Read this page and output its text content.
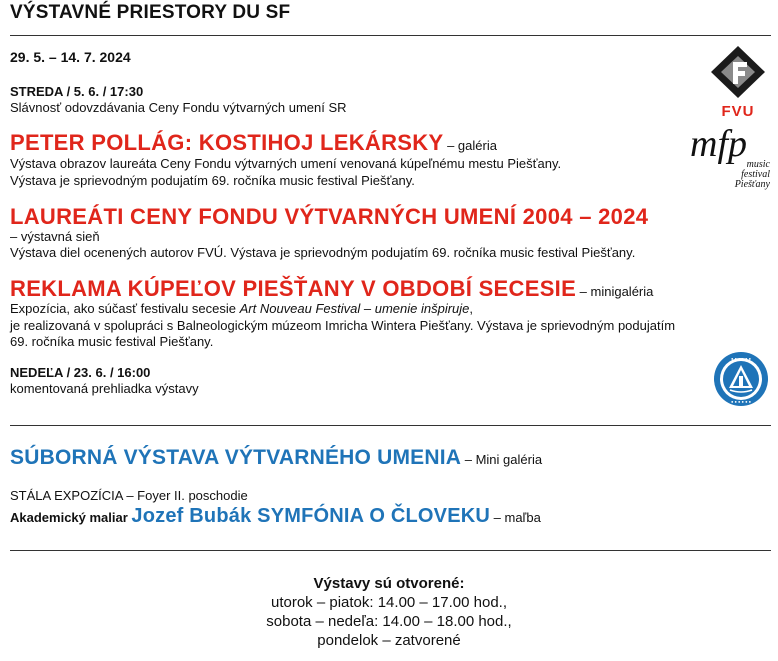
VÝSTAVNÉ PRIESTORY DU SF
29. 5. – 14. 7. 2024
STREDA / 5. 6. / 17:30
Slávnosť odovzdávania Ceny Fondu výtvarných umení SR
PETER POLLÁG: KOSTIHOJ LEKÁRSKY – galéria
Výstava obrazov laureáta Ceny Fondu výtvarných umení venovaná kúpeľnému mestu Piešťany.
Výstava je sprievodným podujatím 69. ročníka music festival Piešťany.
LAUREÁTI CENY FONDU VÝTVARNÝCH UMENÍ 2004 – 2024
– výstavná sieň
Výstava diel ocenených autorov FVÚ. Výstava je sprievodným podujatím 69. ročníka music festival Piešťany.
REKLAMA KÚPEĽOV PIEŠŤANY V OBDOBÍ SECESIE – minigaléria
Expozícia, ako súčasť festivalu secesie Art Nouveau Festival – umenie inšpiruje,
je realizovaná v spolupráci s Balneologickým múzeom Imricha Wintera Piešťany. Výstava je sprievodným podujatím
69. ročníka music festival Piešťany.
NEDEĽA / 23. 6. / 16:00
komentovaná prehliadka výstavy
SÚBORNÁ VÝSTAVA VÝTVARNÉHO UMENIA – Mini galéria
STÁLA EXPOZÍCIA – Foyer II. poschodie
Akademický maliar Jozef Bubák SYMFÓNIA O ČLOVEKU – maľba
Výstavy sú otvorené:
utorok – piatok: 14.00 – 17.00 hod.,
sobota – nedeľa: 14.00 – 18.00 hod.,
pondelok – zatvorené
FVU
mfp music
festival
Piešťany
● ● ● ● ● ●
● ● ● ● ● ●
